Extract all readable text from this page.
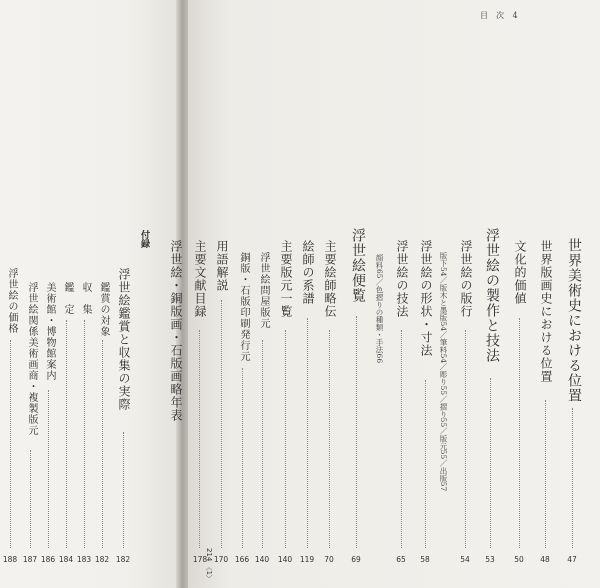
目　次 4
世界美術史における位置
47
世界版画史における位置
48
文化的価値
50
浮世絵の製作と技法
53
浮世絵の版行
54
版下54／版木と墨版54／筆料54／彫り55／摺り55／版元55／出版57
浮世絵の形状・寸法
58
浮世絵の技法
65
顔料65／色摺りの種類・手法66
浮世絵便覧
69
主要絵師略伝
70
絵師の系譜
119
主要版元一覧
140
浮世絵問屋版元
140
銅版・石版印刷発行元
166
用語解説
170
主要文献目録
178
浮世絵・銅版画・石版画略年表
214 〈1〉
付録
浮世絵鑑賞と収集の実際
182
鑑賞の対象
182
収　集
183
鑑　定
184
美術館・博物館案内
186
浮世絵関係美術画商・複製版元
187
浮世絵の価格
188
